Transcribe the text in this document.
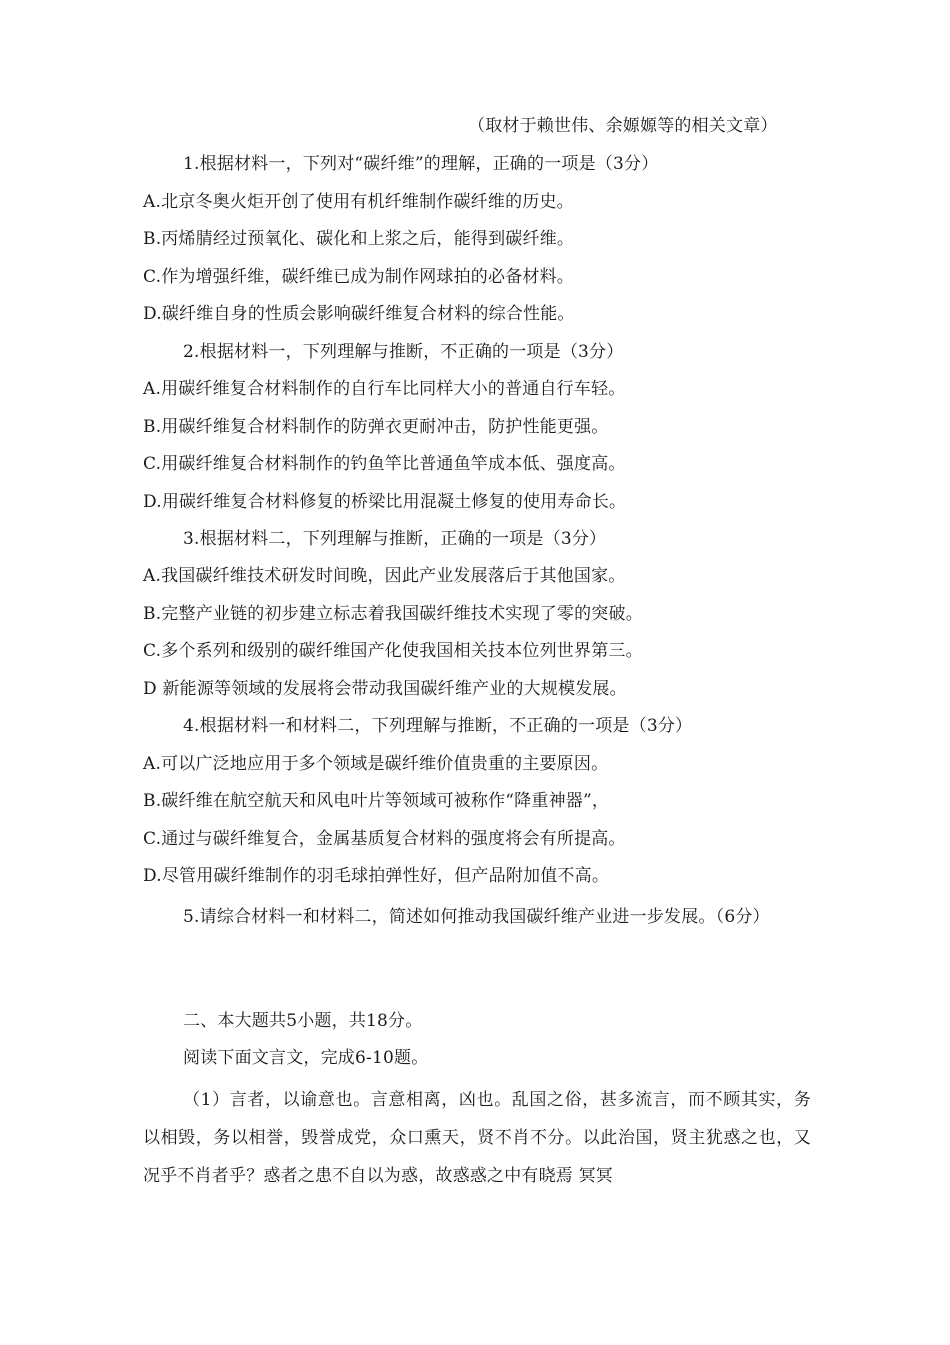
（取材于赖世伟、余嫄嫄等的相关文章）
1.根据材料一，下列对“碳纤维”的理解，正确的一项是（3分）
A.北京冬奥火炬开创了使用有机纤维制作碳纤维的历史。
B.丙烯腈经过预氧化、碳化和上浆之后，能得到碳纤维。
C.作为增强纤维，碳纤维已成为制作网球拍的必备材料。
D.碳纤维自身的性质会影响碳纤维复合材料的综合性能。
2.根据材料一，下列理解与推断，不正确的一项是（3分）
A.用碳纤维复合材料制作的自行车比同样大小的普通自行车轻。
B.用碳纤维复合材料制作的防弹衣更耐冲击，防护性能更强。
C.用碳纤维复合材料制作的钓鱼竿比普通鱼竿成本低、强度高。
D.用碳纤维复合材料修复的桥梁比用混凝土修复的使用寿命长。
3.根据材料二，下列理解与推断，正确的一项是（3分）
A.我国碳纤维技术研发时间晚，因此产业发展落后于其他国家。
B.完整产业链的初步建立标志着我国碳纤维技术实现了零的突破。
C.多个系列和级别的碳纤维国产化使我国相关技本位列世界第三。
D 新能源等领域的发展将会带动我国碳纤维产业的大规模发展。
4.根据材料一和材料二，下列理解与推断，不正确的一项是（3分）
A.可以广泛地应用于多个领域是碳纤维价值贵重的主要原因。
B.碳纤维在航空航天和风电叶片等领域可被称作“降重神器”，
C.通过与碳纤维复合，金属基质复合材料的强度将会有所提高。
D.尽管用碳纤维制作的羽毛球拍弹性好，但产品附加值不高。
5.请综合材料一和材料二，简述如何推动我国碳纤维产业进一步发展。（6分）
二、本大题共5小题，共18分。
阅读下面文言文，完成6-10题。
（1）言者，以谕意也。言意相离，凶也。乱国之俗，甚多流言，而不顾其实，务以相毁，务以相誉，毁誉成党，众口熏天，贤不肖不分。以此治国，贤主犹惑之也，又况乎不肖者乎？惑者之患不自以为惑，故惑惑之中有晓焉 冥冥
